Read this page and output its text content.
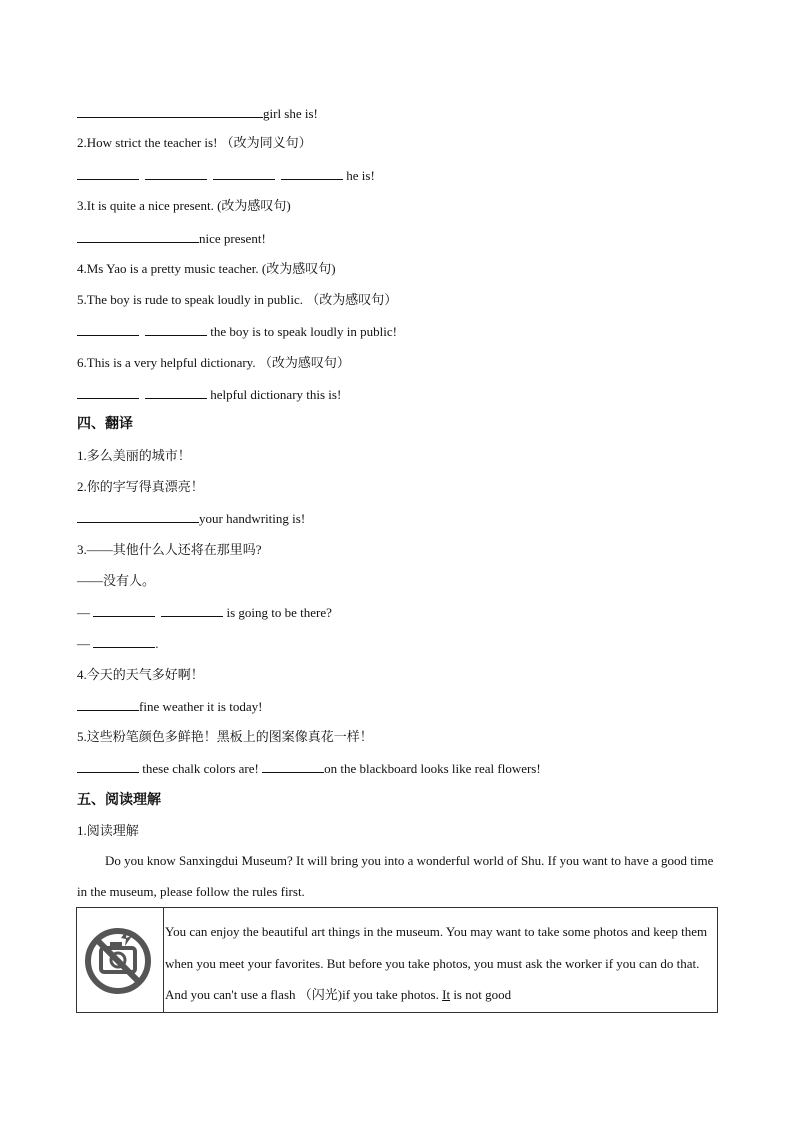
girl she is!
2.How strict the teacher is! （改为同义句）
he is!
3.It is quite a nice present. (改为感叹句)
nice present!
4.Ms Yao is a pretty music teacher. (改为感叹句)
5.The boy is rude to speak loudly in public. （改为感叹句）
the boy is to speak loudly in public!
6.This is a very helpful dictionary. （改为感叹句）
helpful dictionary this is!
四、翻译
1.多么美丽的城市！
2.你的字写得真漂亮！
your handwriting is!
3.——其他什么人还将在那里吗?
——没有人。
—	is going to be there?
—	.
4.今天的天气多好啊！
fine weather it is today!
5.这些粉笔颜色多鲜艳！黑板上的图案像真花一样！
these chalk colors are!	on the blackboard looks like real flowers!
五、阅读理解
1.阅读理解
Do you know Sanxingdui Museum? It will bring you into a wonderful world of Shu. If you want to have a good time in the museum, please follow the rules first.
You can enjoy the beautiful art things in the museum. You may want to take some photos and keep them when you meet your favorites. But before you take photos, you must ask the worker if you can do that. And you can't use a flash （闪光)if you take photos. It is not good
